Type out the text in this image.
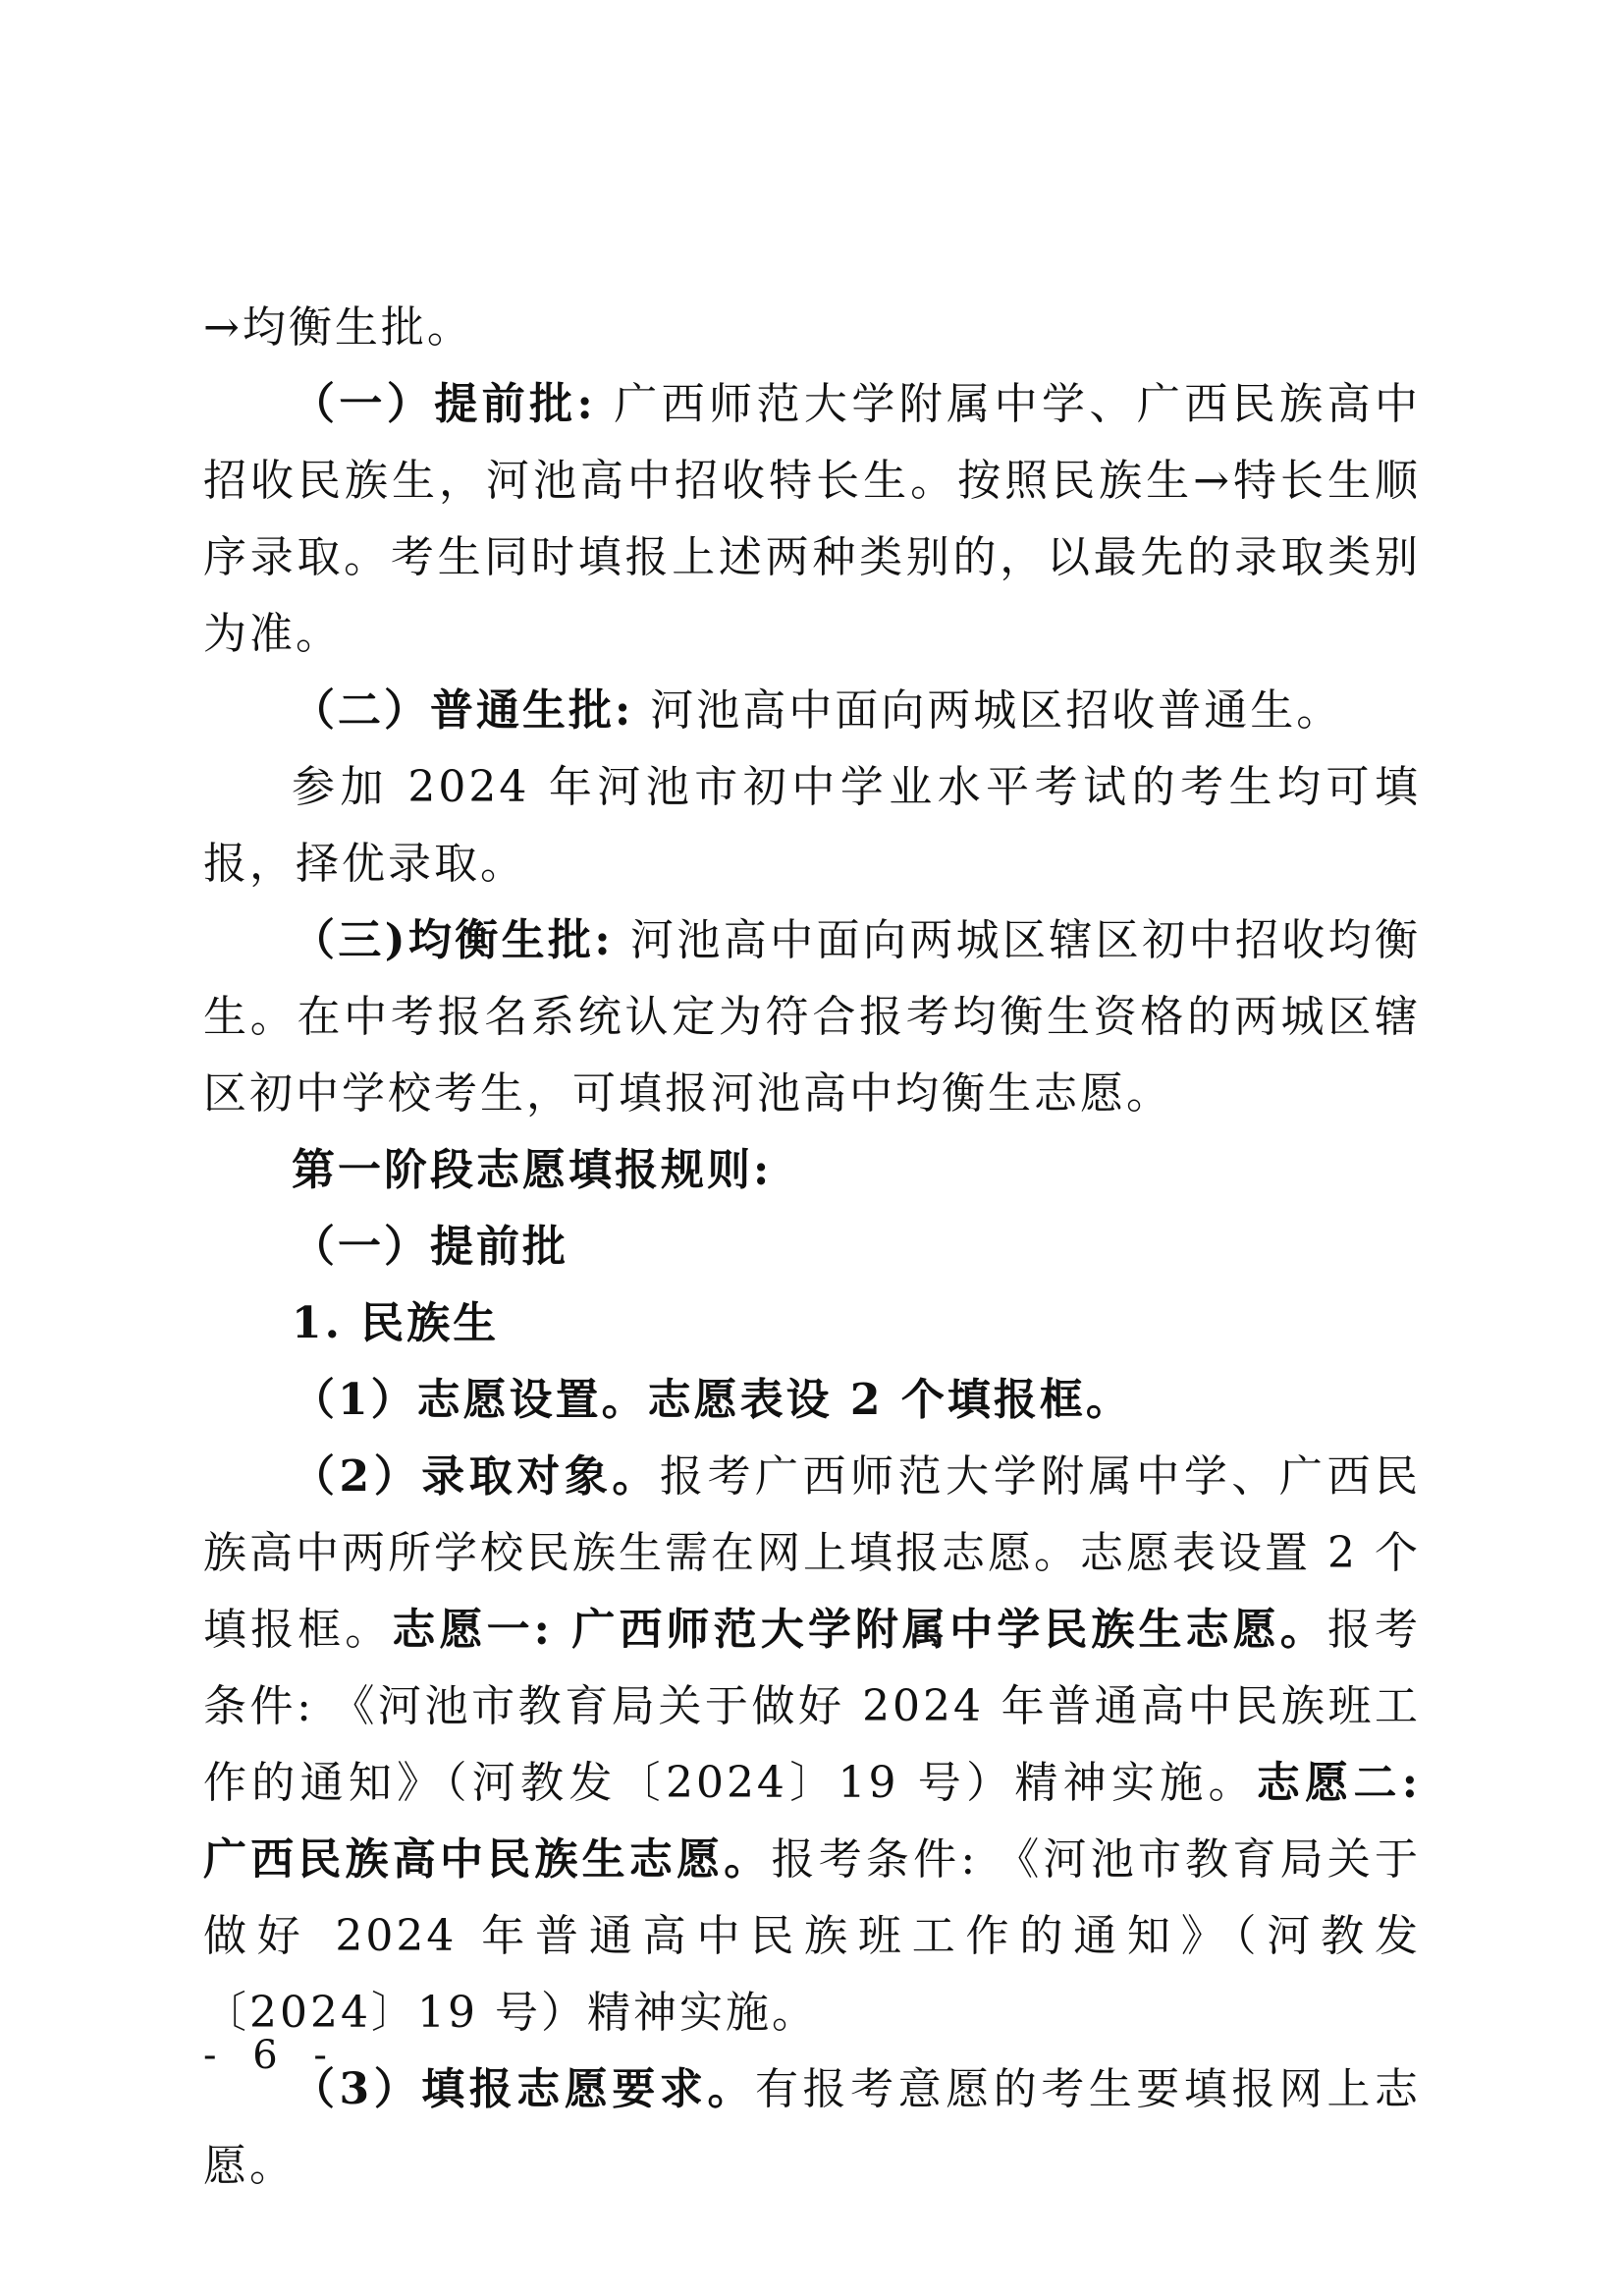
→均衡生批。

（一）提前批: 广西师范大学附属中学、广西民族高中招收民族生，河池高中招收特长生。按照民族生→特长生顺序录取。考生同时填报上述两种类别的，以最先的录取类别为准。

（二）普通生批: 河池高中面向两城区招收普通生。

参加 2024 年河池市初中学业水平考试的考生均可填报，择优录取。

（三)均衡生批: 河池高中面向两城区辖区初中招收均衡生。在中考报名系统认定为符合报考均衡生资格的两城区辖区初中学校考生，可填报河池高中均衡生志愿。

第一阶段志愿填报规则:

（一）提前批

1. 民族生

（1）志愿设置。志愿表设 2 个填报框。

（2）录取对象。报考广西师范大学附属中学、广西民族高中两所学校民族生需在网上填报志愿。志愿表设置 2 个填报框。志愿一: 广西师范大学附属中学民族生志愿。报考条件: 《河池市教育局关于做好 2024 年普通高中民族班工作的通知》（河教发〔2024〕19 号）精神实施。志愿二: 广西民族高中民族生志愿。报考条件: 《河池市教育局关于做好 2024 年普通高中民族班工作的通知》（河教发〔2024〕19 号）精神实施。

（3）填报志愿要求。有报考意愿的考生要填报网上志愿。

- 6 -
